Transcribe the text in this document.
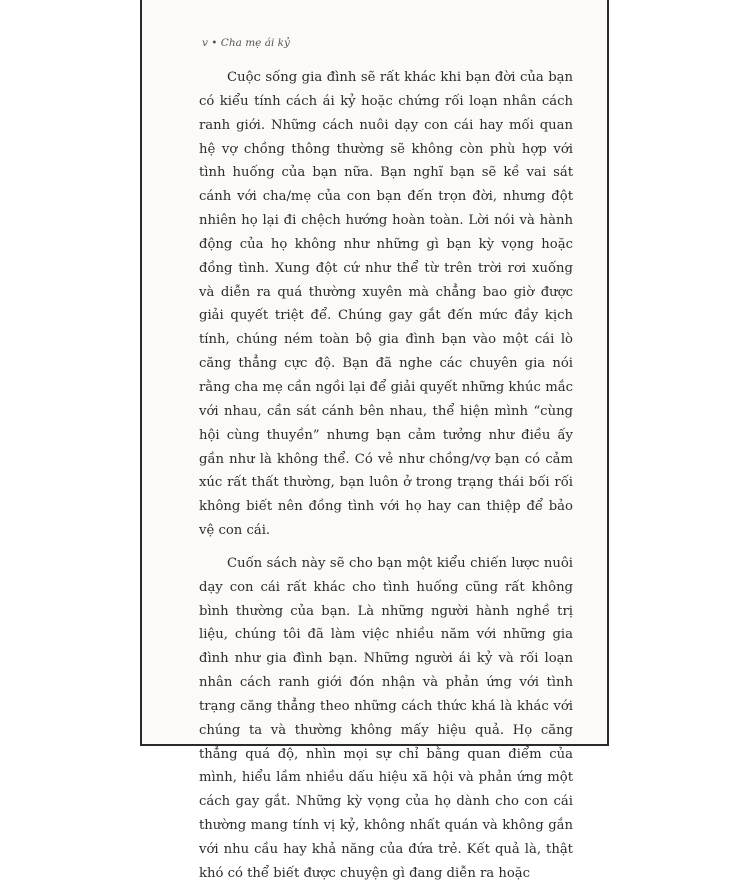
v • Cha mẹ ái kỷ

Cuộc sống gia đình sẽ rất khác khi bạn đời của bạn có kiểu tính cách ái kỷ hoặc chứng rối loạn nhân cách ranh giới. Những cách nuôi dạy con cái hay mối quan hệ vợ chồng thông thường sẽ không còn phù hợp với tình huống của bạn nữa. Bạn nghĩ bạn sẽ kề vai sát cánh với cha/mẹ của con bạn đến trọn đời, nhưng đột nhiên họ lại đi chệch hướng hoàn toàn. Lời nói và hành động của họ không như những gì bạn kỳ vọng hoặc đồng tình. Xung đột cứ như thể từ trên trời rơi xuống và diễn ra quá thường xuyên mà chẳng bao giờ được giải quyết triệt để. Chúng gay gắt đến mức đầy kịch tính, chúng ném toàn bộ gia đình bạn vào một cái lò căng thẳng cực độ. Bạn đã nghe các chuyên gia nói rằng cha mẹ cần ngồi lại để giải quyết những khúc mắc với nhau, cần sát cánh bên nhau, thể hiện mình “cùng hội cùng thuyền” nhưng bạn cảm tưởng như điều ấy gần như là không thể. Có vẻ như chồng/vợ bạn có cảm xúc rất thất thường, bạn luôn ở trong trạng thái bối rối không biết nên đồng tình với họ hay can thiệp để bảo vệ con cái.

Cuốn sách này sẽ cho bạn một kiểu chiến lược nuôi dạy con cái rất khác cho tình huống cũng rất không bình thường của bạn. Là những người hành nghề trị liệu, chúng tôi đã làm việc nhiều năm với những gia đình như gia đình bạn. Những người ái kỷ và rối loạn nhân cách ranh giới đón nhận và phản ứng với tình trạng căng thẳng theo những cách thức khá là khác với chúng ta và thường không mấy hiệu quả. Họ căng thẳng quá độ, nhìn mọi sự chỉ bằng quan điểm của mình, hiểu lầm nhiều dấu hiệu xã hội và phản ứng một cách gay gắt. Những kỳ vọng của họ dành cho con cái thường mang tính vị kỷ, không nhất quán và không gắn với nhu cầu hay khả năng của đứa trẻ. Kết quả là, thật khó có thể biết được chuyện gì đang diễn ra hoặc
